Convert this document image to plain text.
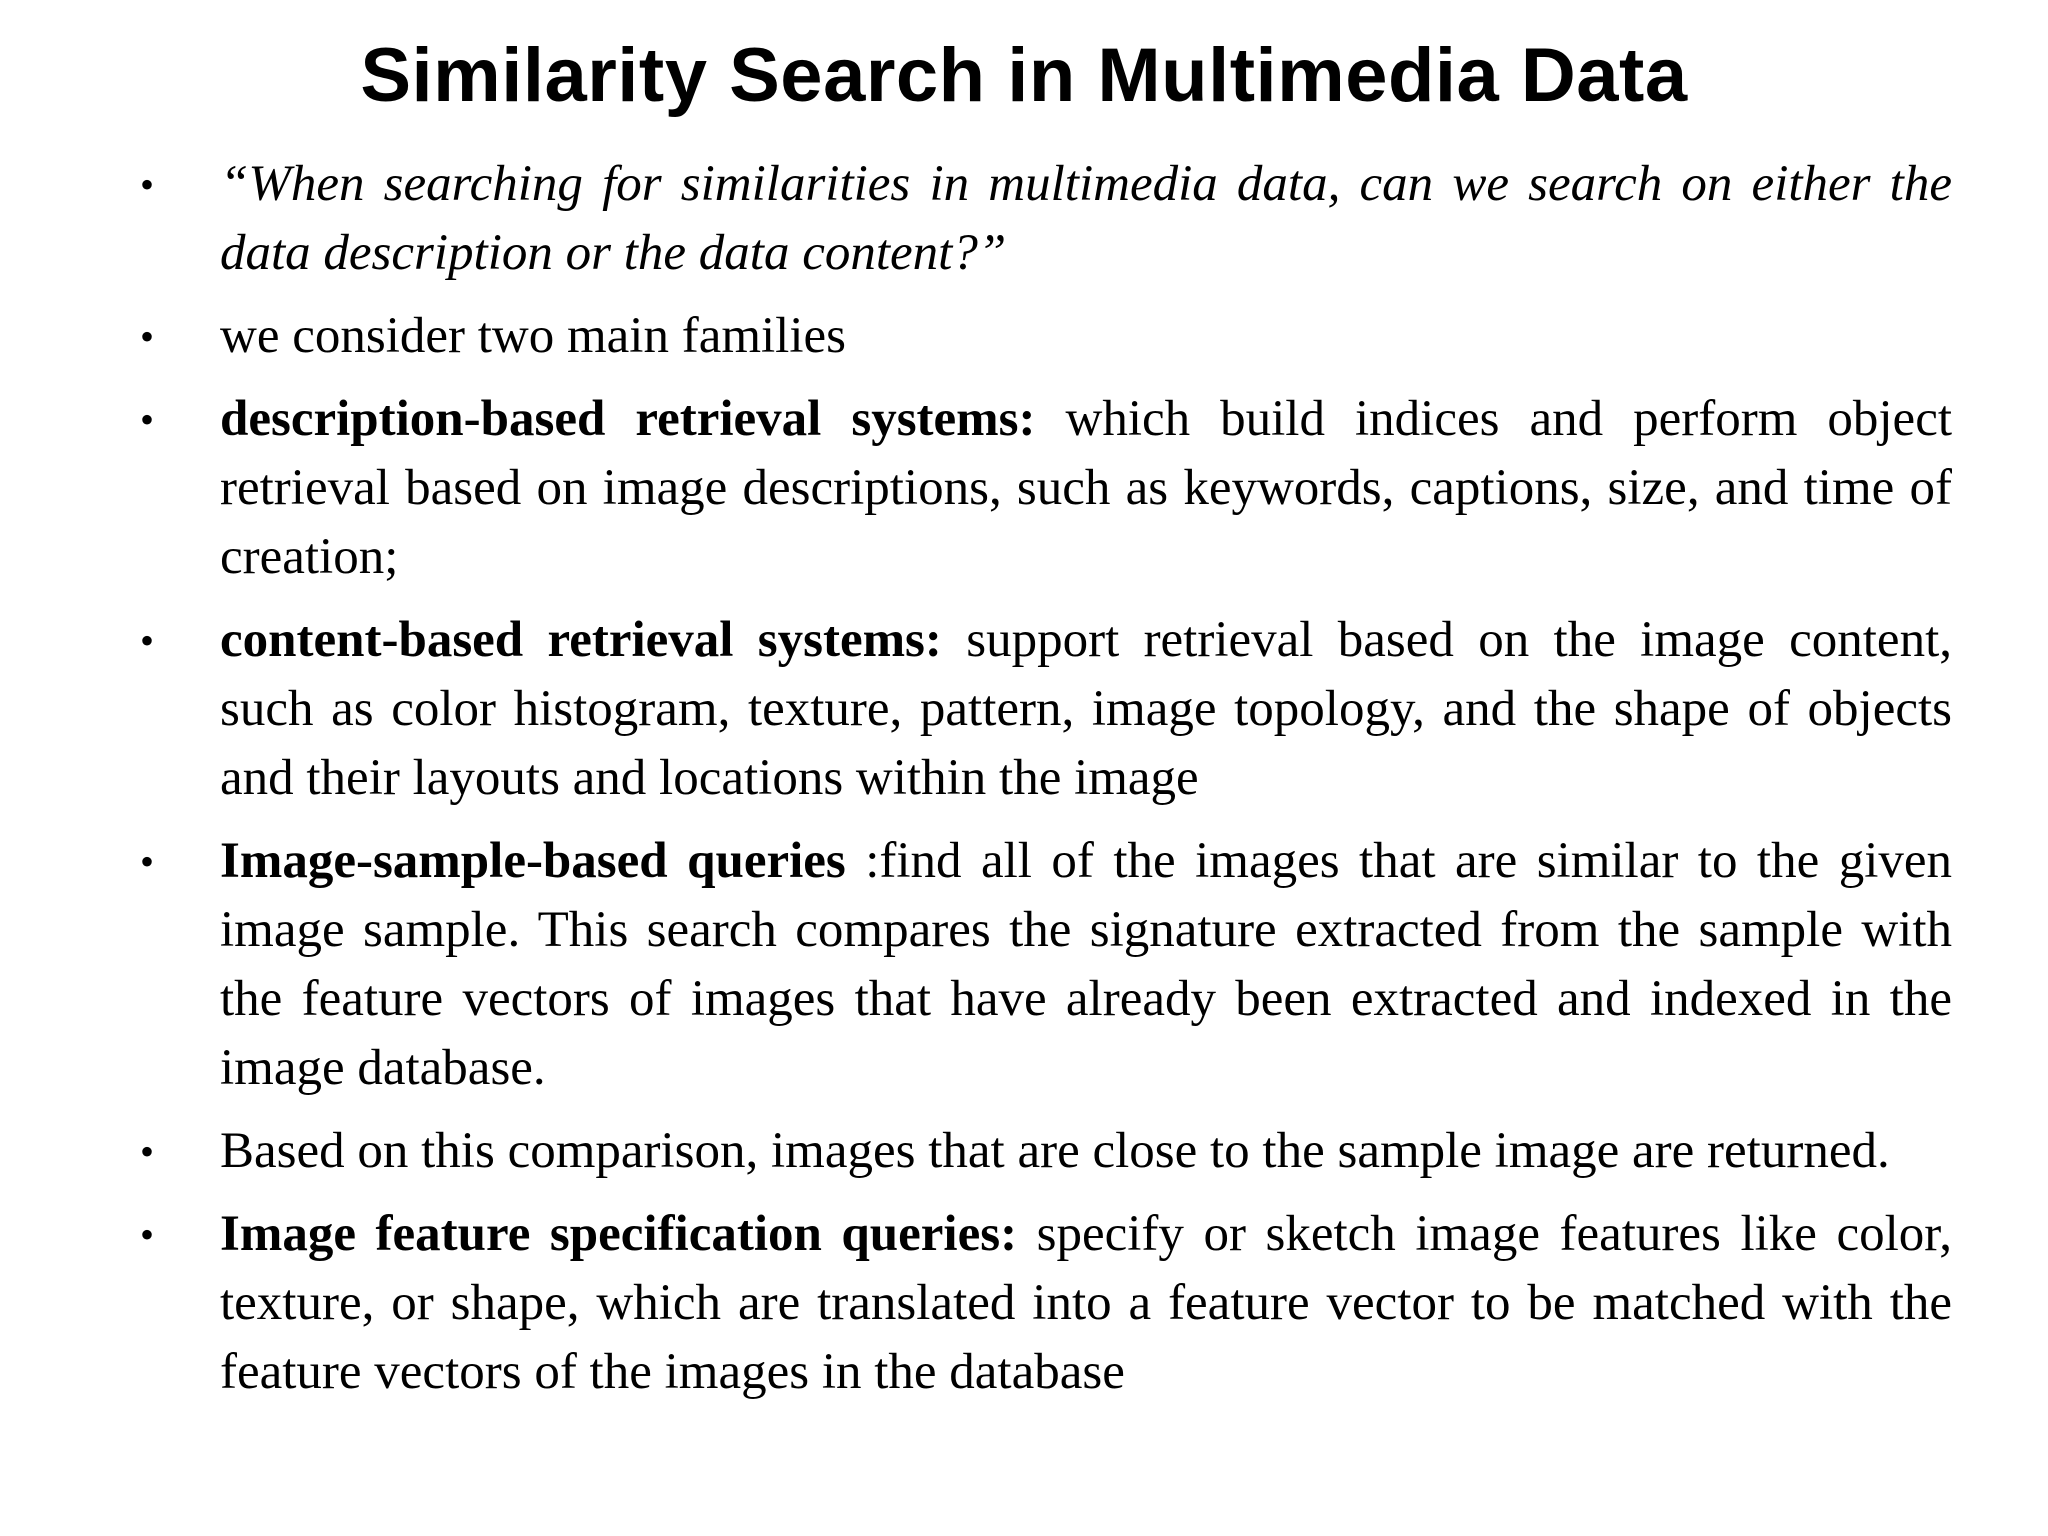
Similarity Search in Multimedia Data
•	“When searching for similarities in multimedia data, can we search on either the data description or the data content?”
•	we consider two main families
•	description-based retrieval systems: which build indices and perform object retrieval based on image descriptions, such as keywords, captions, size, and time of creation;
•	content-based retrieval systems: support retrieval based on the image content, such as color histogram, texture, pattern, image topology, and the shape of objects and their layouts and locations within the image
•	Image-sample-based queries :find all of the images that are similar to the given image sample. This search compares the signature extracted from the sample with the feature vectors of images that have already been extracted and indexed in the image database.
•	Based on this comparison, images that are close to the sample image are returned.
•	Image feature specification queries: specify or sketch image features like color, texture, or shape, which are translated into a feature vector to be matched with the feature vectors of the images in the database
